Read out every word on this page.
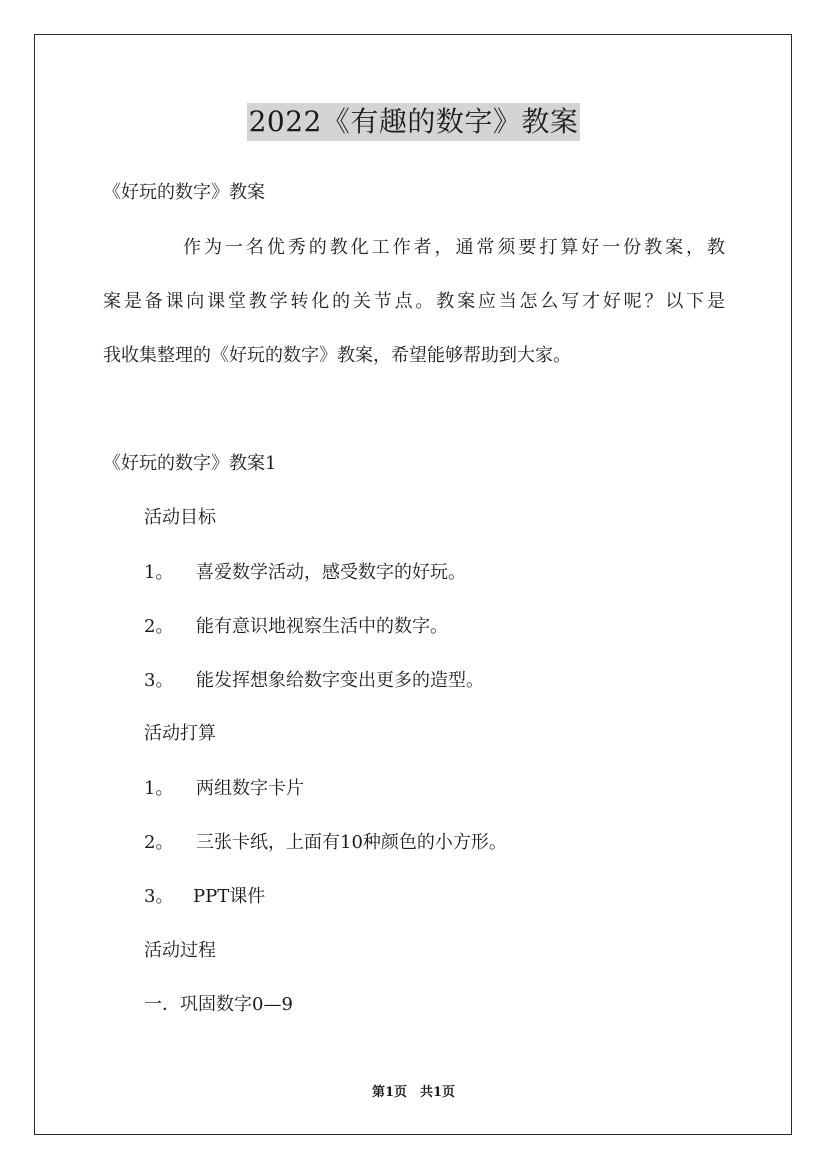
2022《有趣的数字》教案
《好玩的数字》教案
作为一名优秀的教化工作者，通常须要打算好一份教案，教
案是备课向课堂教学转化的关节点。教案应当怎么写才好呢？以下是
我收集整理的《好玩的数字》教案，希望能够帮助到大家。
《好玩的数字》教案1
活动目标
1。 喜爱数学活动，感受数字的好玩。
2。 能有意识地视察生活中的数字。
3。 能发挥想象给数字变出更多的造型。
活动打算
1。 两组数字卡片
2。 三张卡纸，上面有10种颜色的小方形。
3。 PPT课件
活动过程
一．巩固数字0—9
第1页　共1页
